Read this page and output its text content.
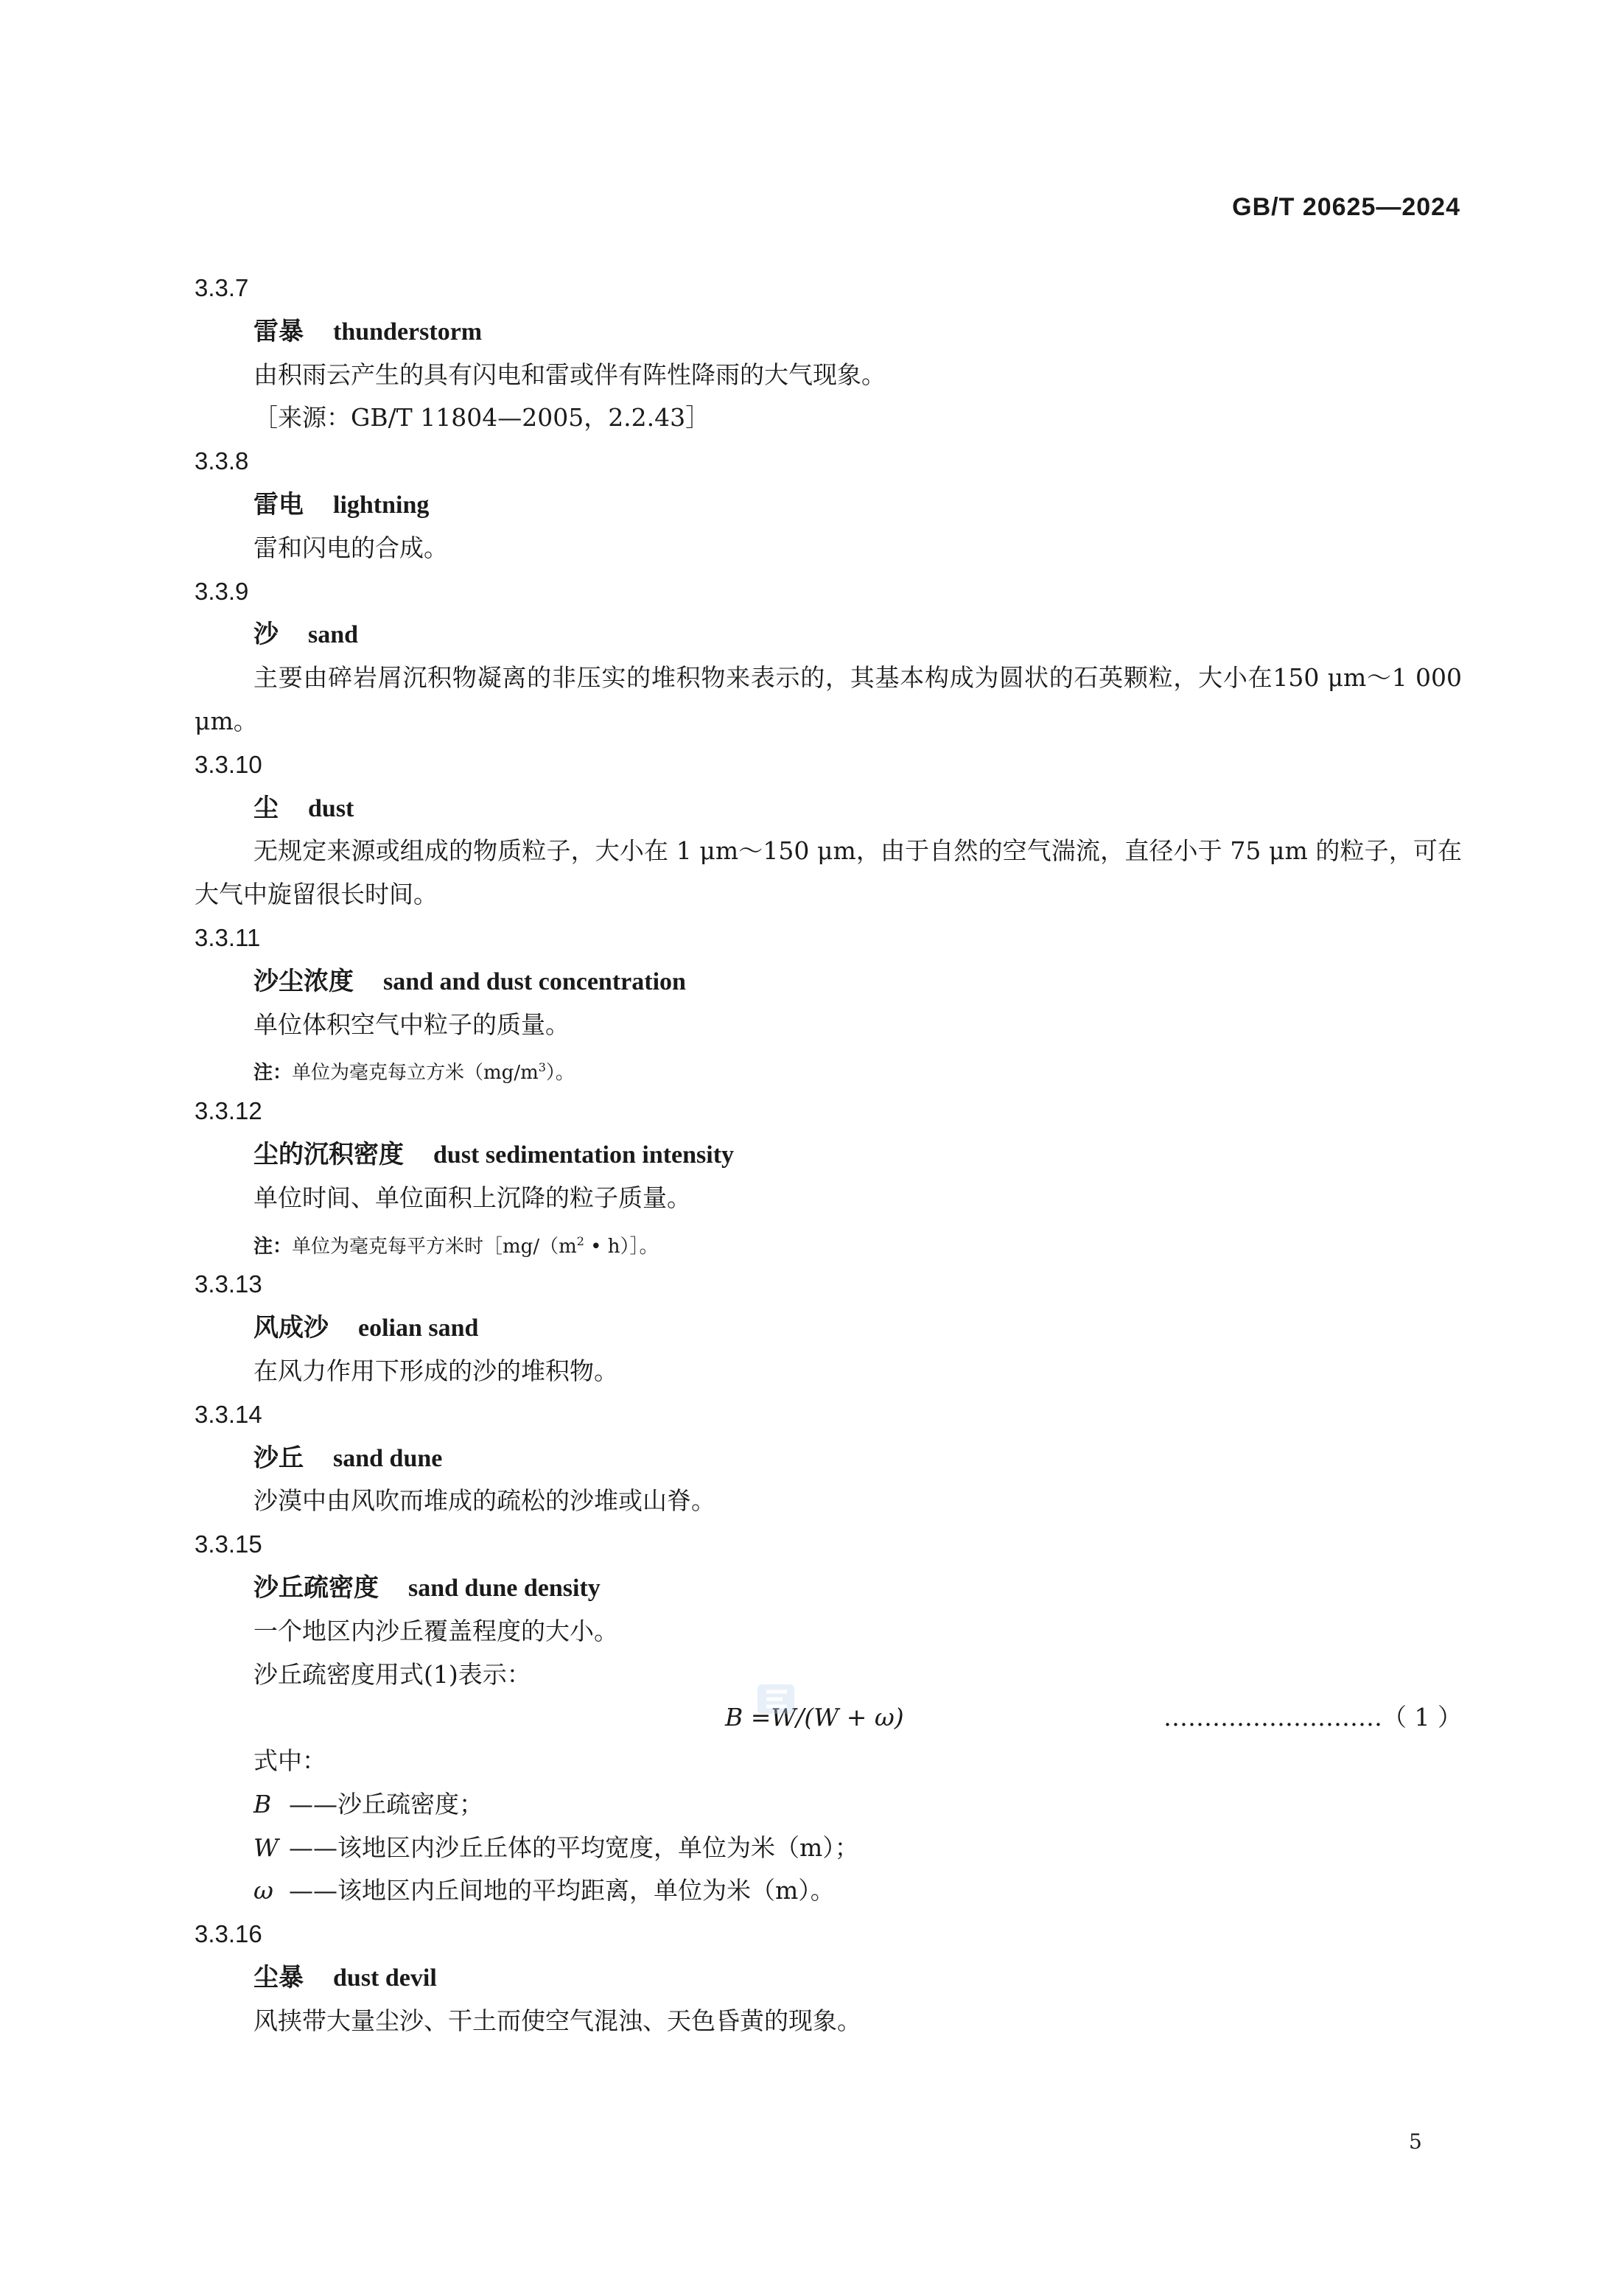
GB/T 20625—2024
3.3.7
雷暴 thunderstorm
由积雨云产生的具有闪电和雷或伴有阵性降雨的大气现象。
［来源：GB/T 11804—2005，2.2.43］
3.3.8
雷电 lightning
雷和闪电的合成。
3.3.9
沙 sand
主要由碎岩屑沉积物凝离的非压实的堆积物来表示的，其基本构成为圆状的石英颗粒，大小在150 μm～1 000 μm。
3.3.10
尘 dust
无规定来源或组成的物质粒子，大小在 1 μm～150 μm，由于自然的空气湍流，直径小于 75 μm 的粒子，可在大气中旋留很长时间。
3.3.11
沙尘浓度 sand and dust concentration
单位体积空气中粒子的质量。
注：单位为毫克每立方米$(mg/m^3)$。
3.3.12
尘的沉积密度 dust sedimentation intensity
单位时间、单位面积上沉降的粒子质量。
注：单位为毫克每平方米时$[mg/(m^2$ • h）］。
3.3.13
风成沙 eolian sand
在风力作用下形成的沙的堆积物。
3.3.14
沙丘 sand dune
沙漠中由风吹而堆成的疏松的沙堆或山脊。
3.3.15
沙丘疏密度 sand dune density
一个地区内沙丘覆盖程度的大小。
沙丘疏密度用式(1)表示：
B =W/(W + ω)	………………………（ 1 ）
式中：
B ——沙丘疏密度；
W ——该地区内沙丘丘体的平均宽度，单位为米（m）；
ω ——该地区内丘间地的平均距离，单位为米（m）。
3.3.16
尘暴 dust devil
风挟带大量尘沙、干土而使空气混浊、天色昏黄的现象。
5
